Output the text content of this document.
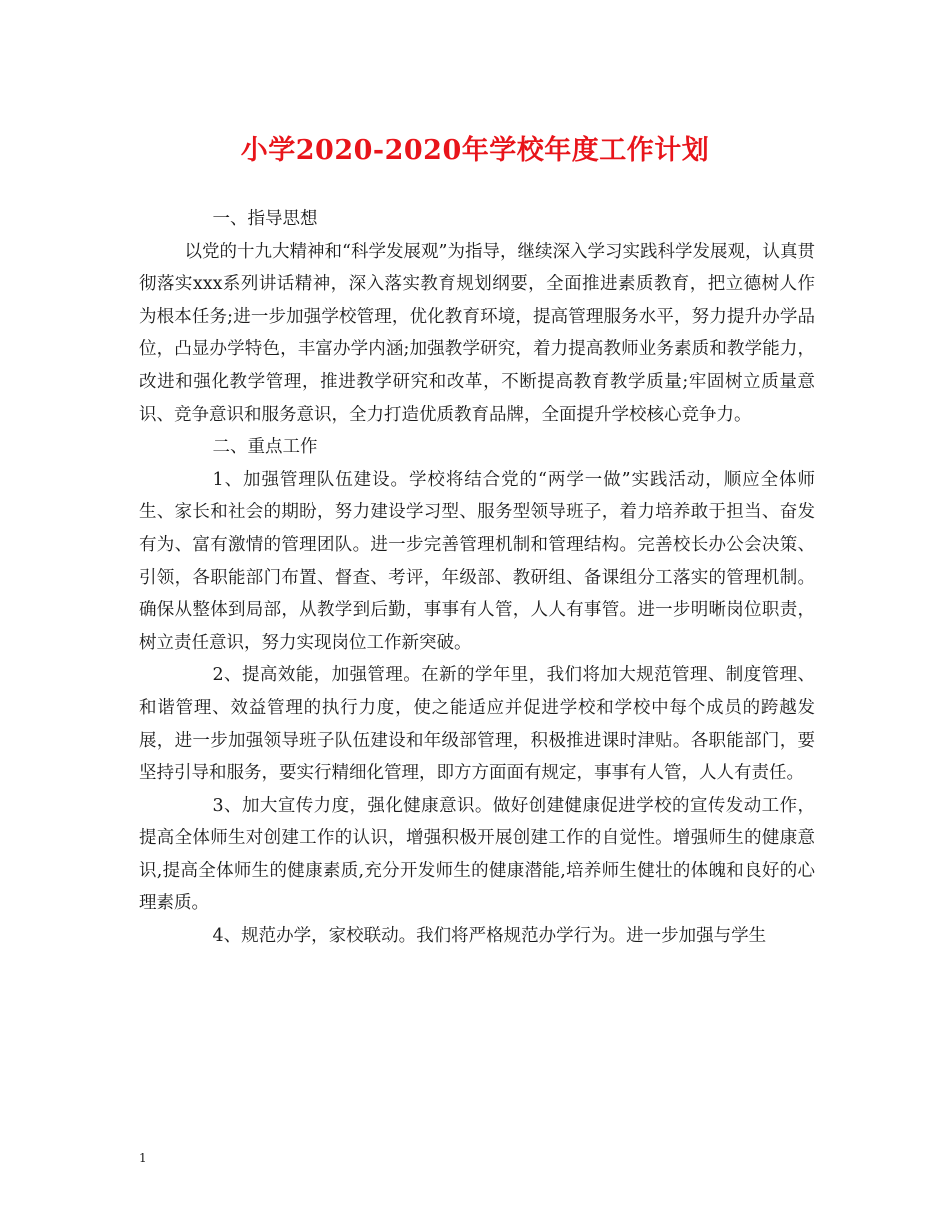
小学2020-2020年学校年度工作计划

一、指导思想

以党的十九大精神和“科学发展观”为指导，继续深入学习实践科学发展观，认真贯彻落实xxx系列讲话精神，深入落实教育规划纲要，全面推进素质教育，把立德树人作为根本任务;进一步加强学校管理，优化教育环境，提高管理服务水平，努力提升办学品位，凸显办学特色，丰富办学内涵;加强教学研究，着力提高教师业务素质和教学能力，改进和强化教学管理，推进教学研究和改革，不断提高教育教学质量;牢固树立质量意识、竞争意识和服务意识，全力打造优质教育品牌，全面提升学校核心竞争力。

二、重点工作

1、加强管理队伍建设。学校将结合党的“两学一做”实践活动，顺应全体师生、家长和社会的期盼，努力建设学习型、服务型领导班子，着力培养敢于担当、奋发有为、富有激情的管理团队。进一步完善管理机制和管理结构。完善校长办公会决策、引领，各职能部门布置、督查、考评，年级部、教研组、备课组分工落实的管理机制。确保从整体到局部，从教学到后勤，事事有人管，人人有事管。进一步明晰岗位职责，树立责任意识，努力实现岗位工作新突破。

2、提高效能，加强管理。在新的学年里，我们将加大规范管理、制度管理、和谐管理、效益管理的执行力度，使之能适应并促进学校和学校中每个成员的跨越发展，进一步加强领导班子队伍建设和年级部管理，积极推进课时津贴。各职能部门，要坚持引导和服务，要实行精细化管理，即方方面面有规定，事事有人管，人人有责任。

3、加大宣传力度，强化健康意识。做好创建健康促进学校的宣传发动工作，提高全体师生对创建工作的认识，增强积极开展创建工作的自觉性。增强师生的健康意识,提高全体师生的健康素质,充分开发师生的健康潜能,培养师生健壮的体魄和良好的心理素质。

4、规范办学，家校联动。我们将严格规范办学行为。进一步加强与学生

1
